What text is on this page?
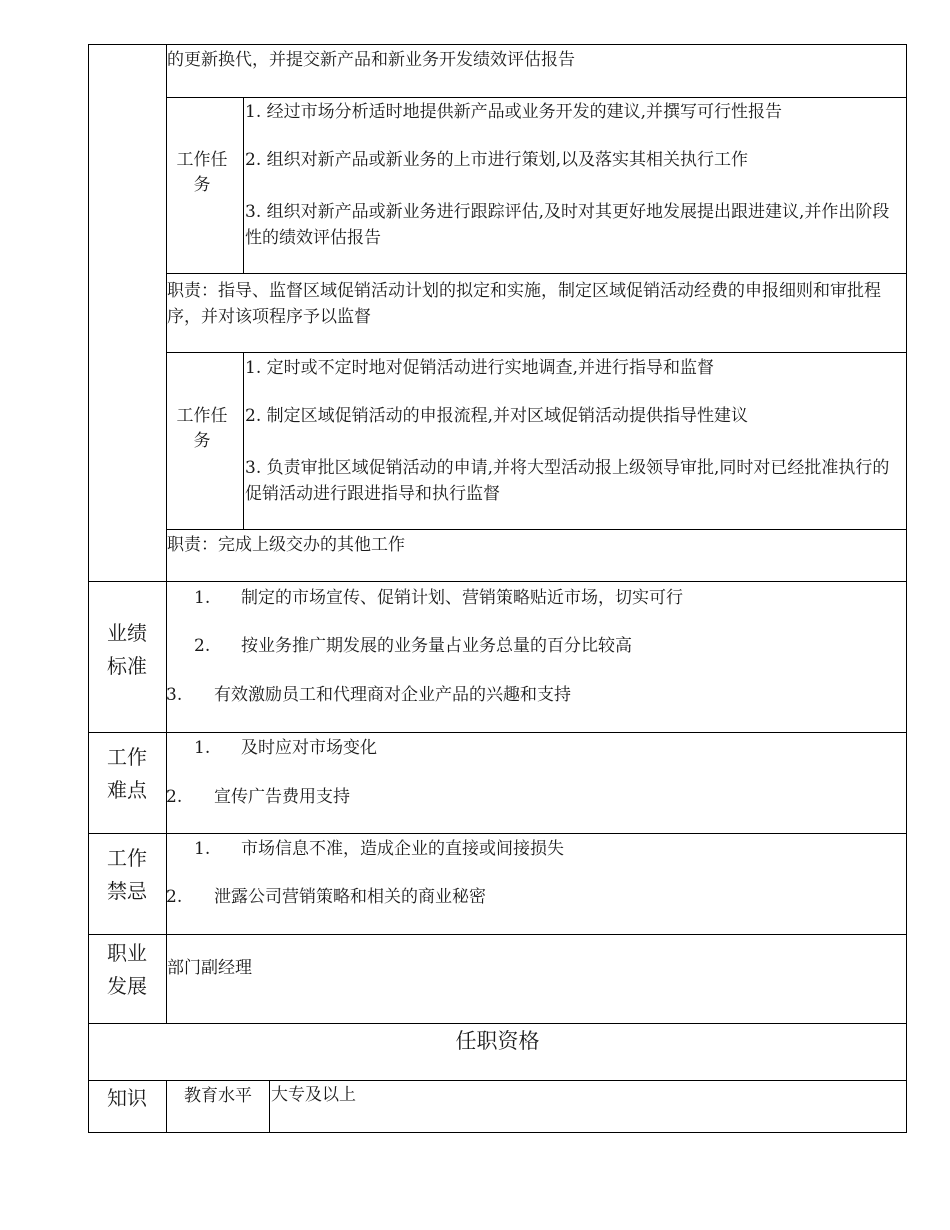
的更新换代，并提交新产品和新业务开发绩效评估报告
工作任务
1. 经过市场分析适时地提供新产品或业务开发的建议,并撰写可行性报告
2. 组织对新产品或新业务的上市进行策划,以及落实其相关执行工作
3. 组织对新产品或新业务进行跟踪评估,及时对其更好地发展提出跟进建议,并作出阶段性的绩效评估报告
职责：指导、监督区域促销活动计划的拟定和实施，制定区域促销活动经费的申报细则和审批程序，并对该项程序予以监督
工作任务
1. 定时或不定时地对促销活动进行实地调查,并进行指导和监督
2. 制定区域促销活动的申报流程,并对区域促销活动提供指导性建议
3. 负责审批区域促销活动的申请,并将大型活动报上级领导审批,同时对已经批准执行的促销活动进行跟进指导和执行监督
职责：完成上级交办的其他工作
业绩标准
1. 制定的市场宣传、促销计划、营销策略贴近市场，切实可行
2. 按业务推广期发展的业务量占业务总量的百分比较高
3. 有效激励员工和代理商对企业产品的兴趣和支持
工作难点
1. 及时应对市场变化
2. 宣传广告费用支持
工作禁忌
1. 市场信息不准，造成企业的直接或间接损失
2. 泄露公司营销策略和相关的商业秘密
职业发展
部门副经理
任职资格
知识	教育水平	大专及以上
